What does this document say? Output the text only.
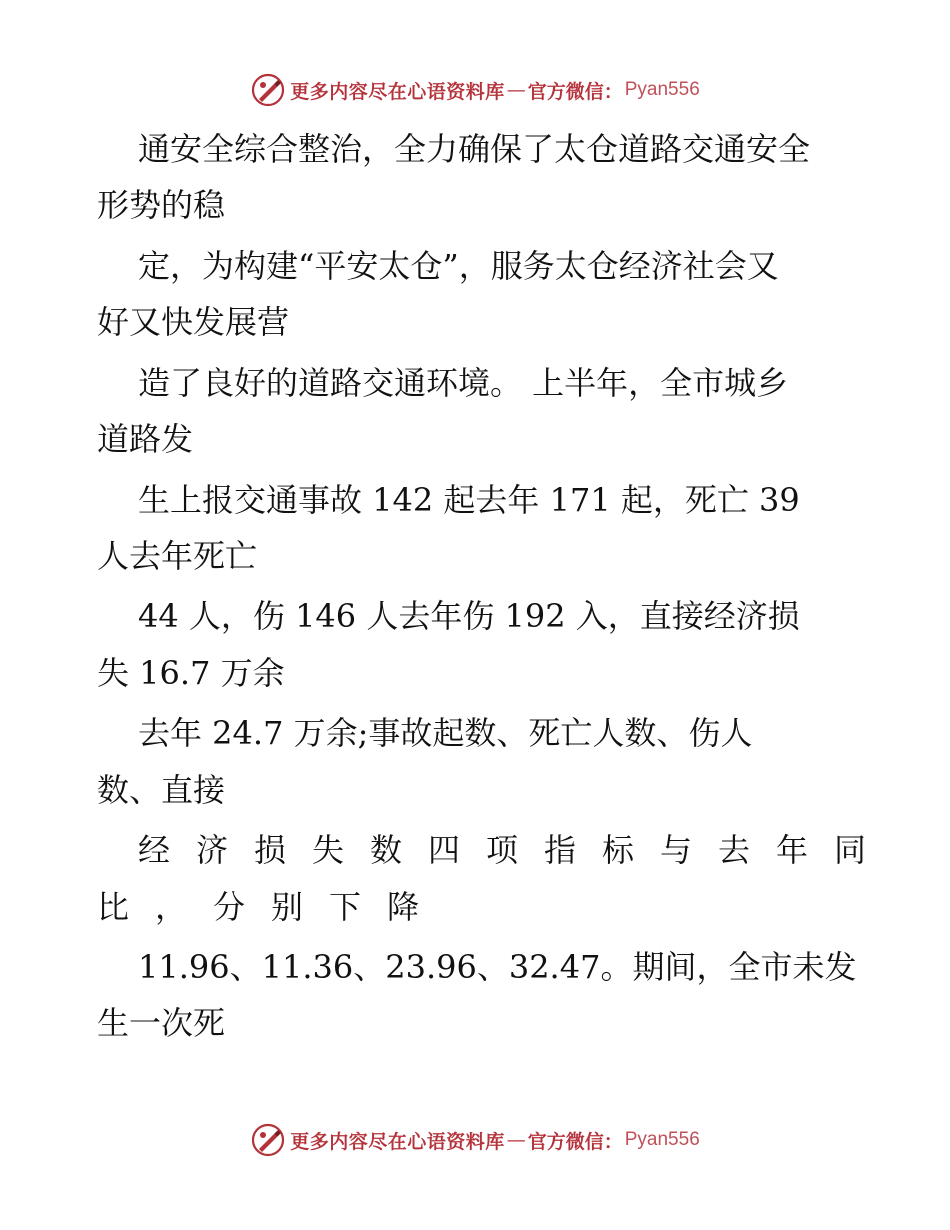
更多内容尽在心语资料库 — 官方微信： Pyan556
通安全综合整治，全力确保了太仓道路交通安全
形势的稳
定，为构建“平安太仓”，服务太仓经济社会又
好又快发展营
造了良好的道路交通环境。 上半年，全市城乡
道路发
生上报交通事故 142 起去年 171 起，死亡 39
人去年死亡
44 人，伤 146 人去年伤 192 入，直接经济损
失 16.7 万余
去年 24.7 万余;事故起数、死亡人数、伤人
数、直接
经济损失数四项指标与去年同
比，分别下降
11.96、11.36、23.96、32.47。期间，全市未发
生一次死
更多内容尽在心语资料库 — 官方微信： Pyan556
